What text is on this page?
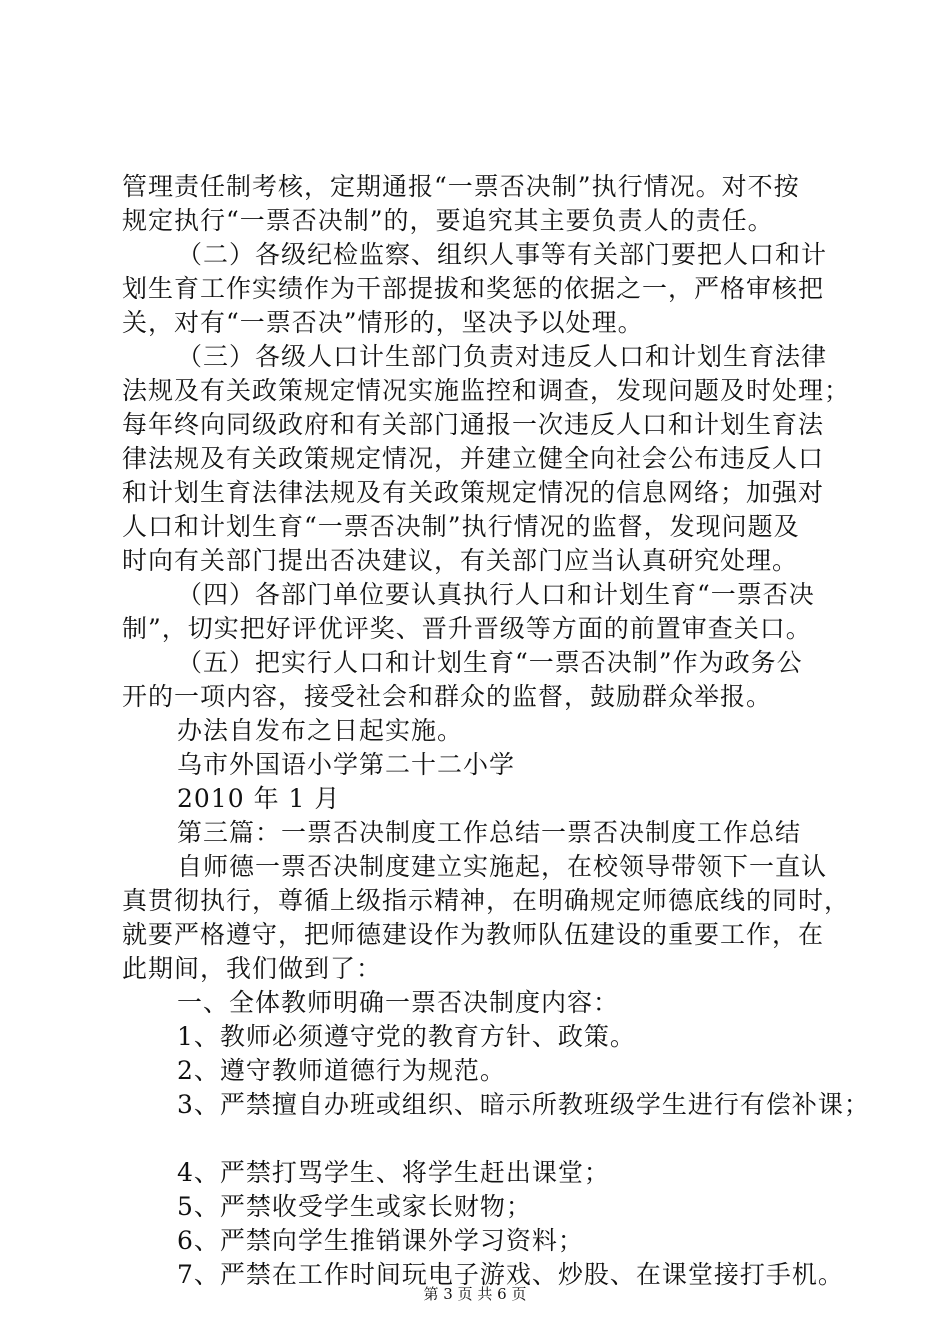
管理责任制考核，定期通报“一票否决制”执行情况。对不按
规定执行“一票否决制”的，要追究其主要负责人的责任。
（二）各级纪检监察、组织人事等有关部门要把人口和计
划生育工作实绩作为干部提拔和奖惩的依据之一，严格审核把
关，对有“一票否决”情形的，坚决予以处理。
（三）各级人口计生部门负责对违反人口和计划生育法律
法规及有关政策规定情况实施监控和调查，发现问题及时处理；
每年终向同级政府和有关部门通报一次违反人口和计划生育法
律法规及有关政策规定情况，并建立健全向社会公布违反人口
和计划生育法律法规及有关政策规定情况的信息网络；加强对
人口和计划生育“一票否决制”执行情况的监督，发现问题及
时向有关部门提出否决建议，有关部门应当认真研究处理。
（四）各部门单位要认真执行人口和计划生育“一票否决
制”，切实把好评优评奖、晋升晋级等方面的前置审查关口。
（五）把实行人口和计划生育“一票否决制”作为政务公
开的一项内容，接受社会和群众的监督，鼓励群众举报。
办法自发布之日起实施。
乌市外国语小学第二十二小学
2010 年 1 月
第三篇：一票否决制度工作总结一票否决制度工作总结
自师德一票否决制度建立实施起，在校领导带领下一直认
真贯彻执行，尊循上级指示精神，在明确规定师德底线的同时，
就要严格遵守，把师德建设作为教师队伍建设的重要工作，在
此期间，我们做到了：
一、全体教师明确一票否决制度内容：
1、教师必须遵守党的教育方针、政策。
2、遵守教师道德行为规范。
3、严禁擅自办班或组织、暗示所教班级学生进行有偿补课；
4、严禁打骂学生、将学生赶出课堂；
5、严禁收受学生或家长财物；
6、严禁向学生推销课外学习资料；
7、严禁在工作时间玩电子游戏、炒股、在课堂接打手机。
第 3 页 共 6 页
